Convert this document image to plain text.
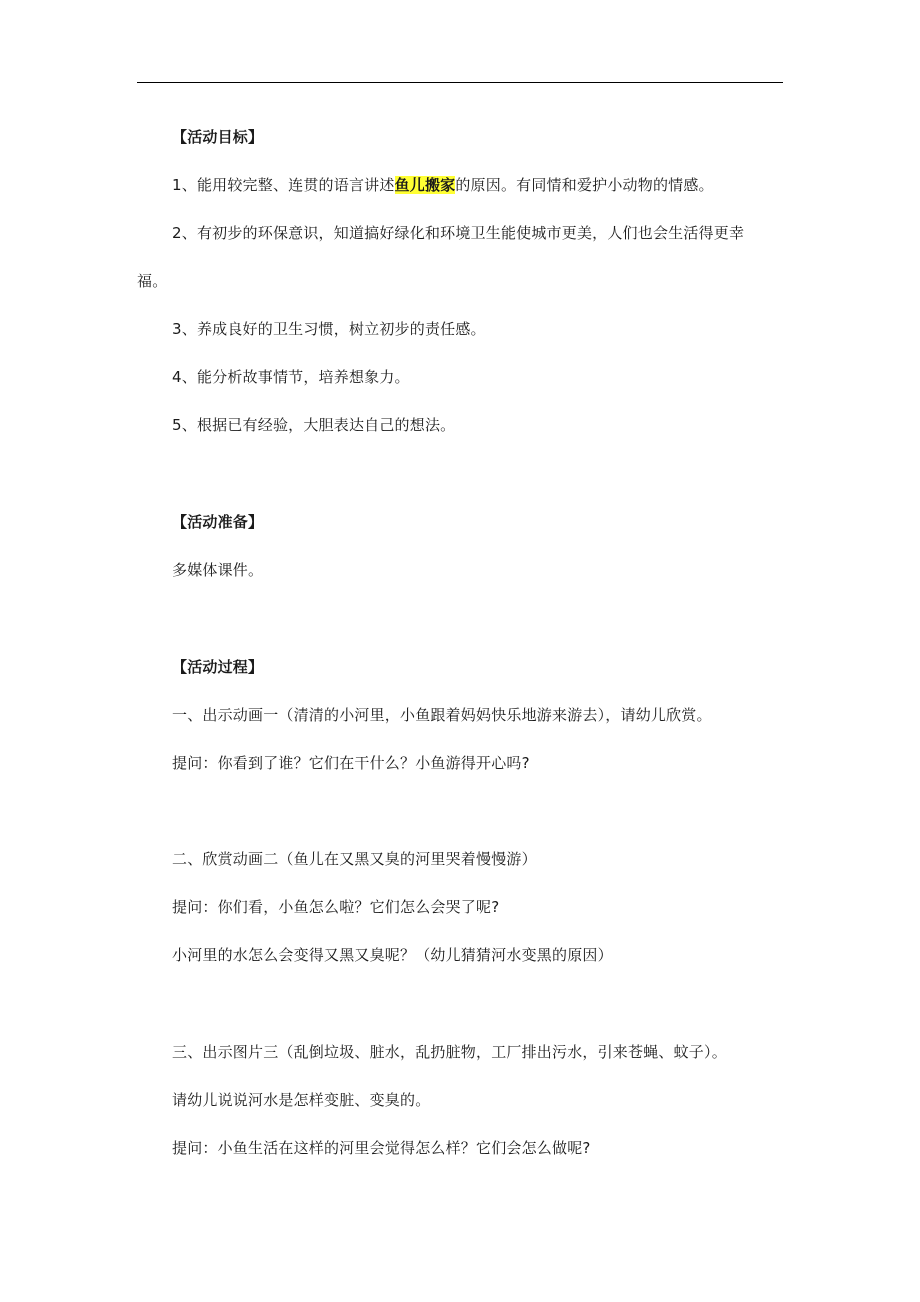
【活动目标】
1、能用较完整、连贯的语言讲述鱼儿搬家的原因。有同情和爱护小动物的情感。
2、有初步的环保意识，知道搞好绿化和环境卫生能使城市更美，人们也会生活得更幸
福。
3、养成良好的卫生习惯，树立初步的责任感。
4、能分析故事情节，培养想象力。
5、根据已有经验，大胆表达自己的想法。
【活动准备】
多媒体课件。
【活动过程】
一、出示动画一（清清的小河里，小鱼跟着妈妈快乐地游来游去），请幼儿欣赏。
提问：你看到了谁？它们在干什么？小鱼游得开心吗?
二、欣赏动画二（鱼儿在又黑又臭的河里哭着慢慢游）
提问：你们看，小鱼怎么啦？它们怎么会哭了呢?
小河里的水怎么会变得又黑又臭呢？（幼儿猜猜河水变黑的原因）
三、出示图片三（乱倒垃圾、脏水，乱扔脏物，工厂排出污水，引来苍蝇、蚊子）。
请幼儿说说河水是怎样变脏、变臭的。
提问：小鱼生活在这样的河里会觉得怎么样？它们会怎么做呢?
